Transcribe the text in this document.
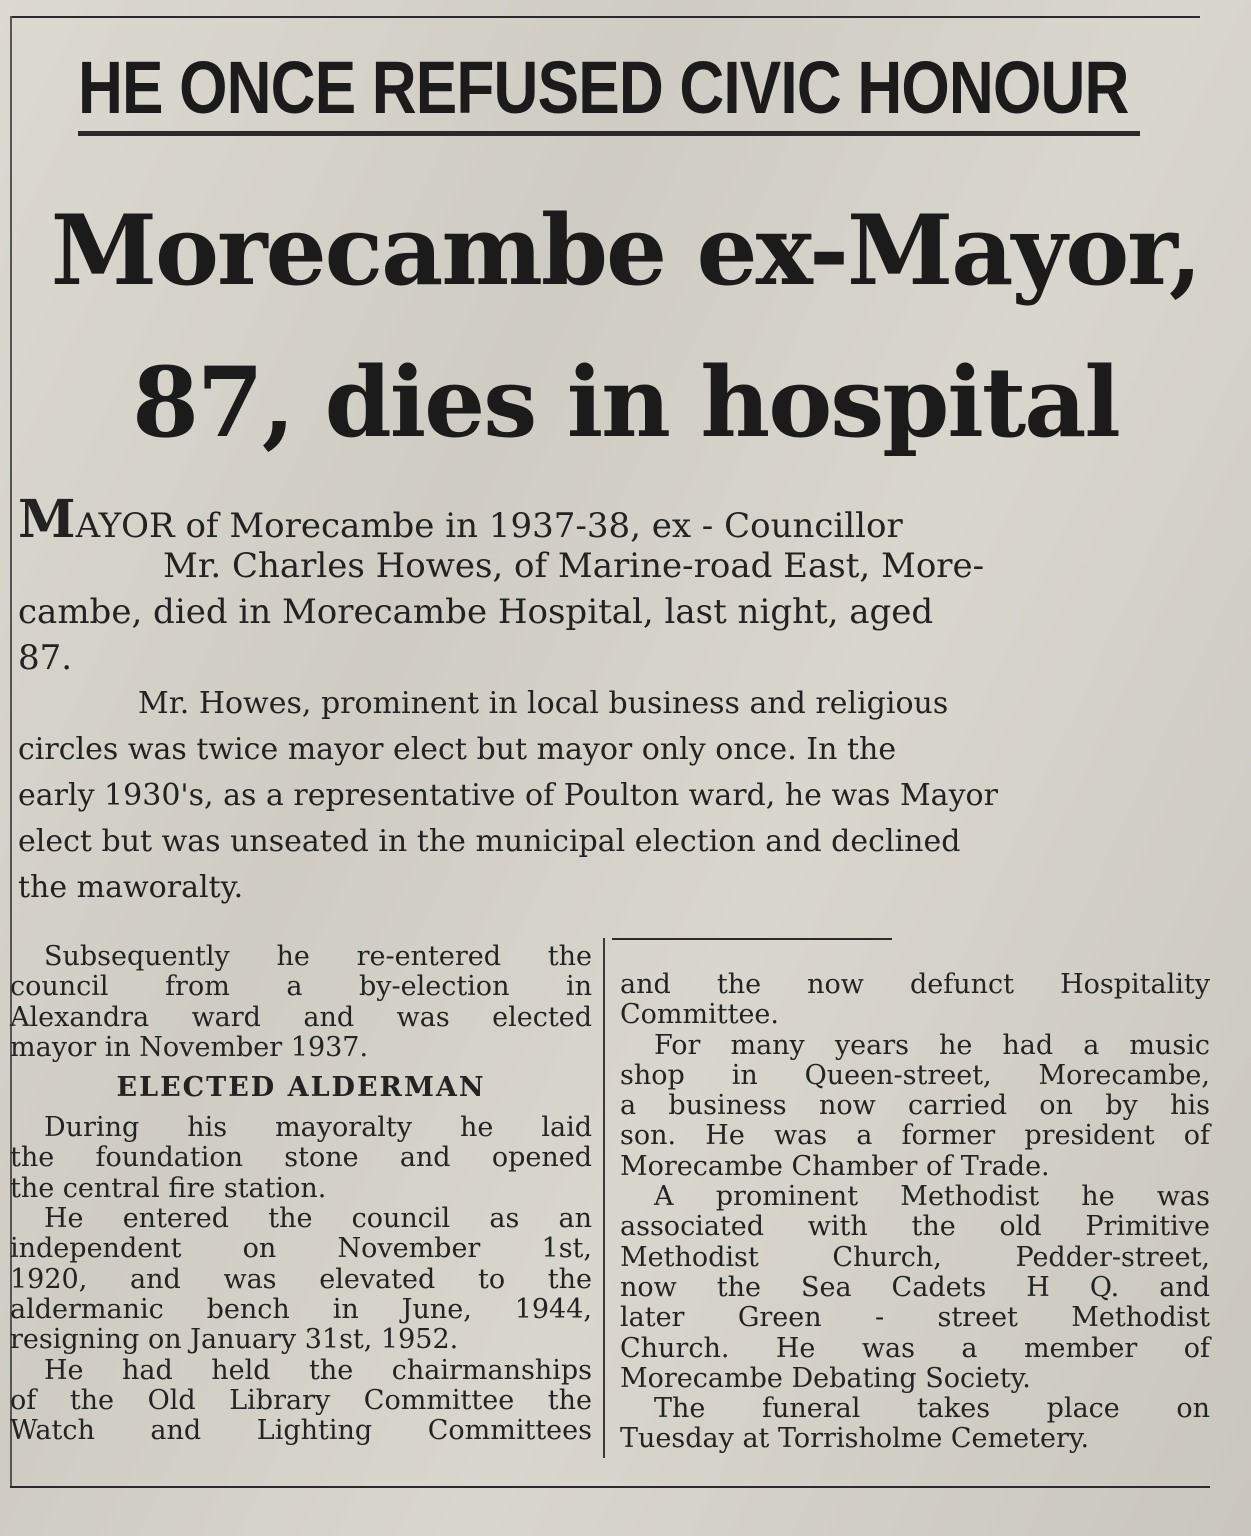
HE ONCE REFUSED CIVIC HONOUR
Morecambe ex-Mayor,
87, dies in hospital
MAYOR of Morecambe in 1937-38, ex - Councillor
Mr. Charles Howes, of Marine-road East, More-
cambe, died in Morecambe Hospital, last night, aged
87.
Mr. Howes, prominent in local business and religious
circles was twice mayor elect but mayor only once. In the
early 1930's, as a representative of Poulton ward, he was Mayor
elect but was unseated in the municipal election and declined
the maworalty.
Subsequently he re-entered the
council from a by-election in
Alexandra ward and was elected
mayor in November 1937.
ELECTED ALDERMAN
During his mayoralty he laid
the foundation stone and opened
the central fire station.
He entered the council as an
independent on November 1st,
1920, and was elevated to the
aldermanic bench in June, 1944,
resigning on January 31st, 1952.
He had held the chairmanships
of the Old Library Committee the
Watch and Lighting Committees
and the now defunct Hospitality
Committee.
For many years he had a music
shop in Queen-street, Morecambe,
a business now carried on by his
son. He was a former president of
Morecambe Chamber of Trade.
A prominent Methodist he was
associated with the old Primitive
Methodist Church, Pedder-street,
now the Sea Cadets H Q. and
later Green - street Methodist
Church. He was a member of
Morecambe Debating Society.
The funeral takes place on
Tuesday at Torrisholme Cemetery.
